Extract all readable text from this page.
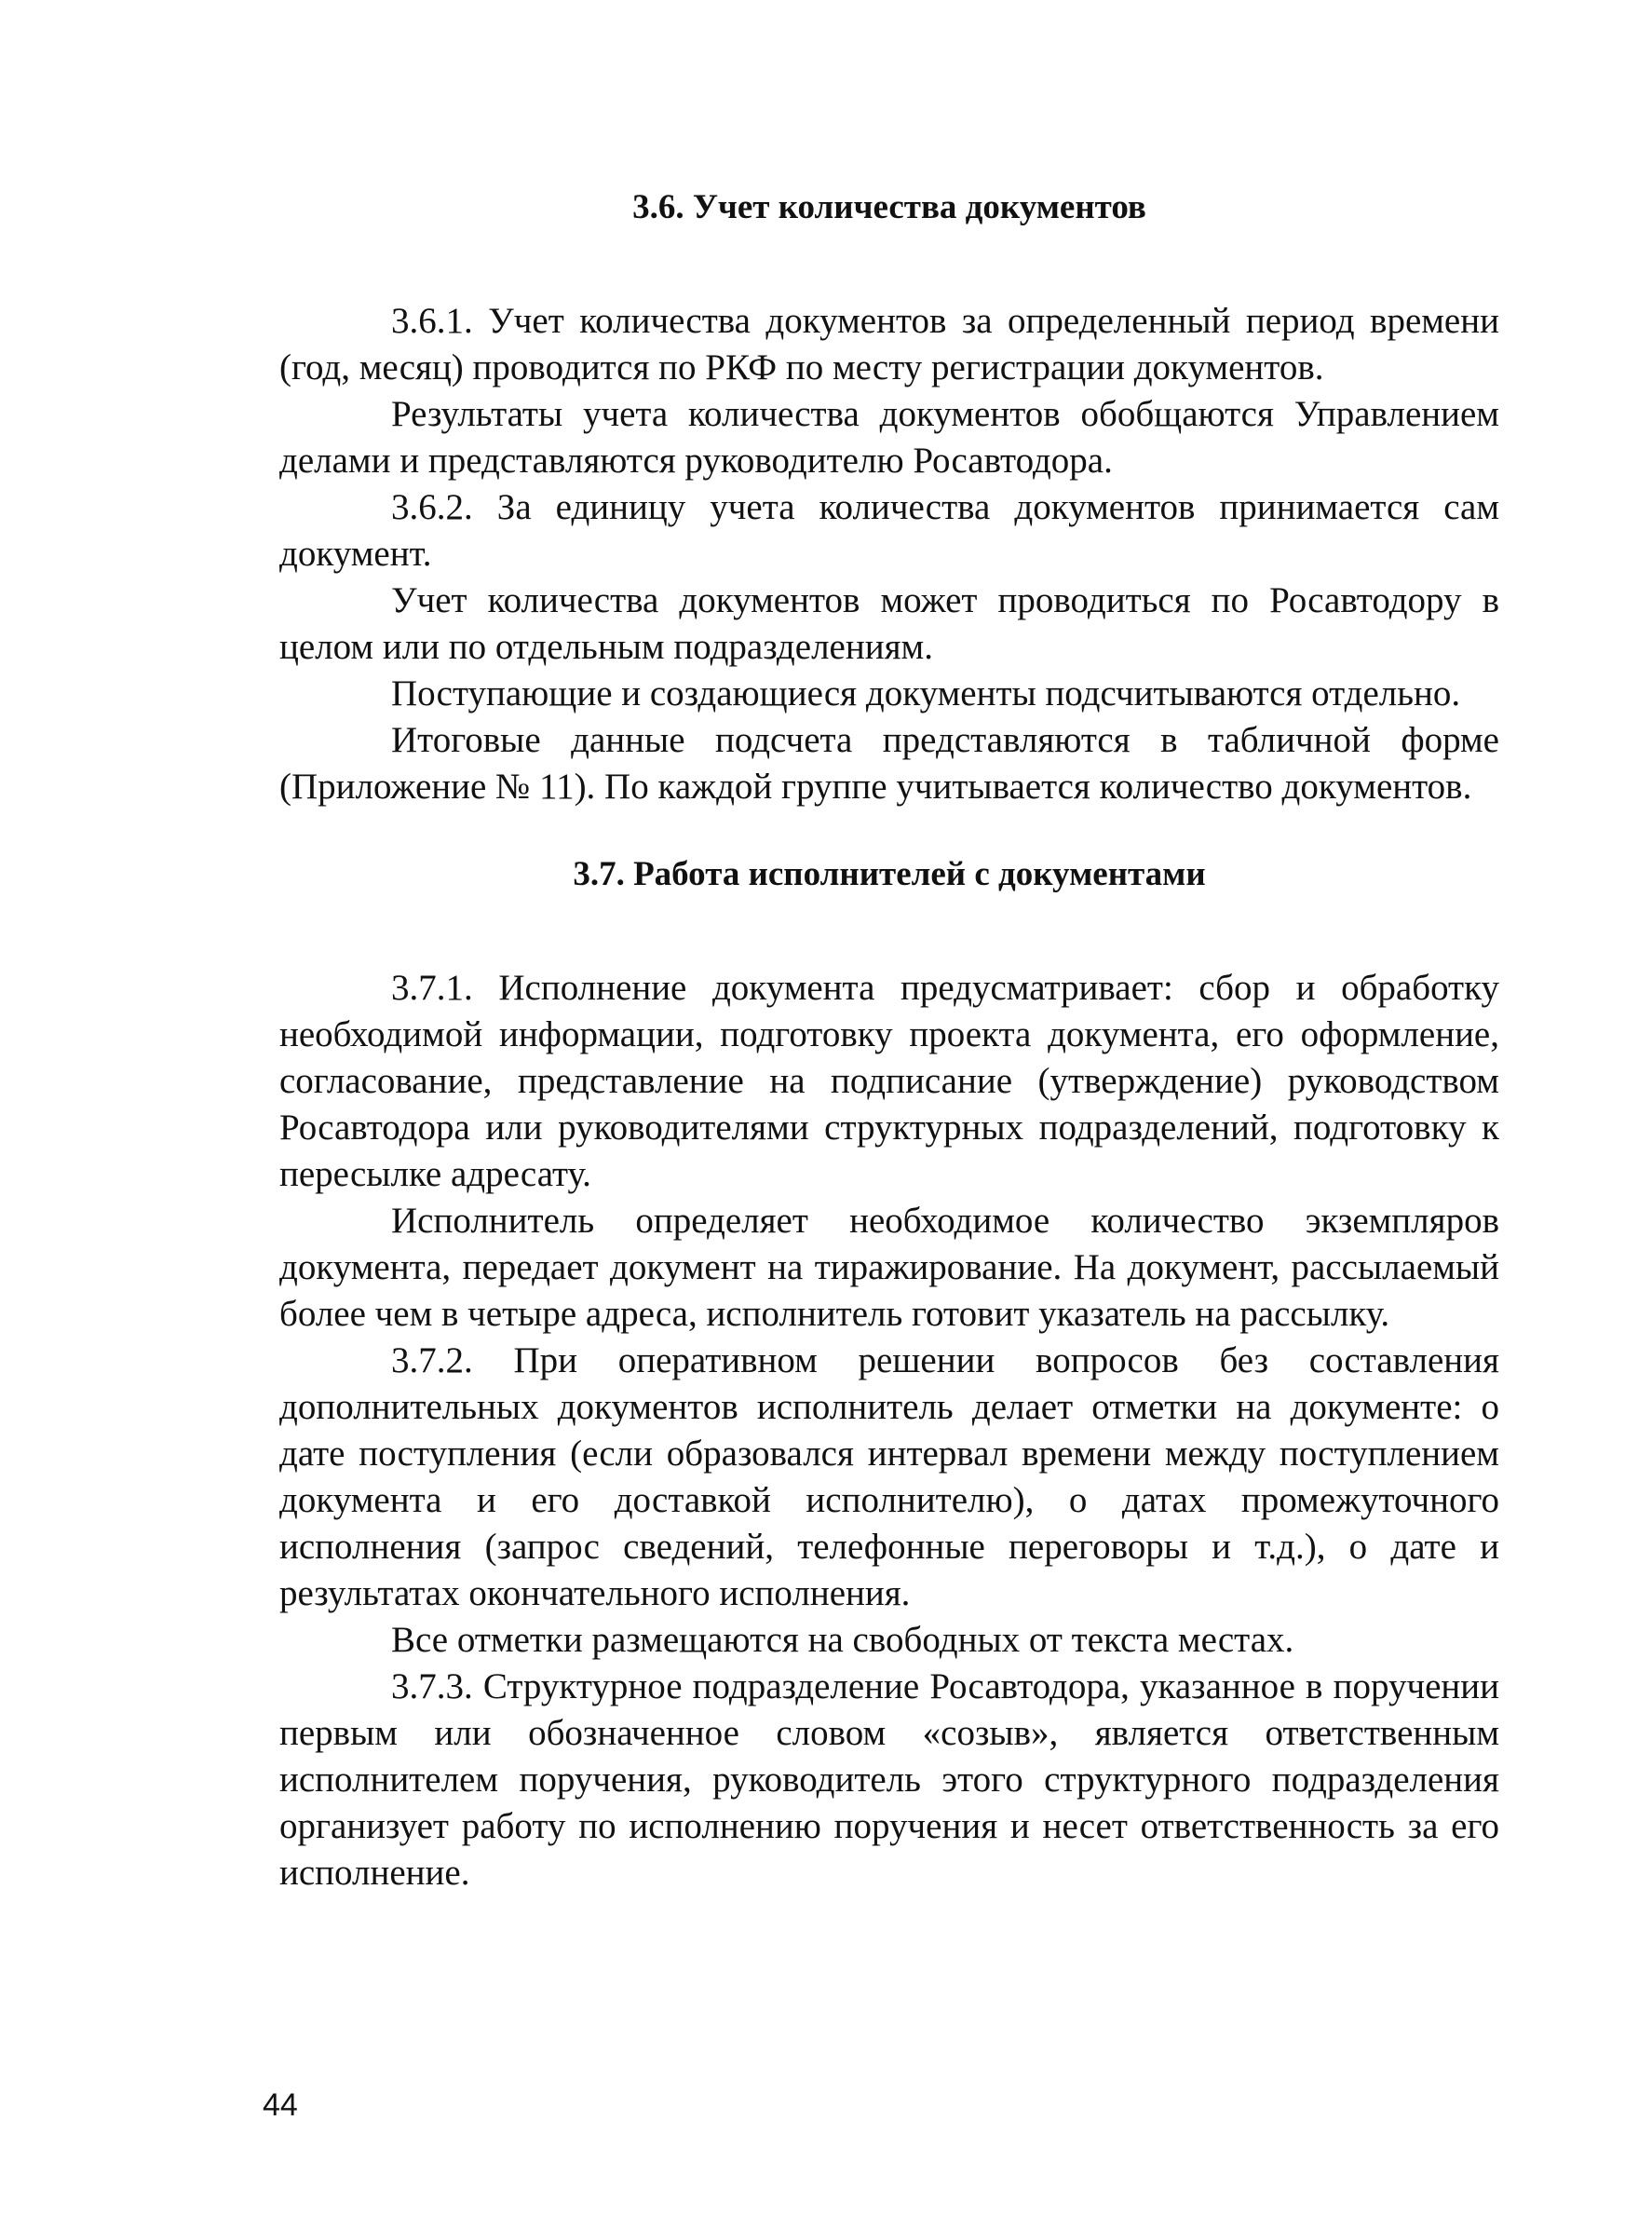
3.6. Учет количества документов

3.6.1. Учет количества документов за определенный период времени (год, месяц) проводится по РКФ по месту регистрации документов.

Результаты учета количества документов обобщаются Управлением делами и представляются руководителю Росавтодора.

3.6.2. За единицу учета количества документов принимается сам документ.

Учет количества документов может проводиться по Росавтодору в целом или по отдельным подразделениям.

Поступающие и создающиеся документы подсчитываются отдельно.

Итоговые данные подсчета представляются в табличной форме (Приложение № 11). По каждой группе учитывается количество документов.

3.7. Работа исполнителей с документами

3.7.1. Исполнение документа предусматривает: сбор и обработку необходимой информации, подготовку проекта документа, его оформление, согласование, представление на подписание (утверждение) руководством Росавтодора или руководителями структурных подразделений, подготовку к пересылке адресату.

Исполнитель определяет необходимое количество экземпляров документа, передает документ на тиражирование. На документ, рассылаемый более чем в четыре адреса, исполнитель готовит указатель на рассылку.

3.7.2. При оперативном решении вопросов без составления дополнительных документов исполнитель делает отметки на документе: о дате поступления (если образовался интервал времени между поступлением документа и его доставкой исполнителю), о датах промежуточного исполнения (запрос сведений, телефонные переговоры и т.д.), о дате и результатах окончательного исполнения.

Все отметки размещаются на свободных от текста местах.

3.7.3. Структурное подразделение Росавтодора, указанное в поручении первым или обозначенное словом «созыв», является ответственным исполнителем поручения, руководитель этого структурного подразделения организует работу по исполнению поручения и несет ответственность за его исполнение.

44
